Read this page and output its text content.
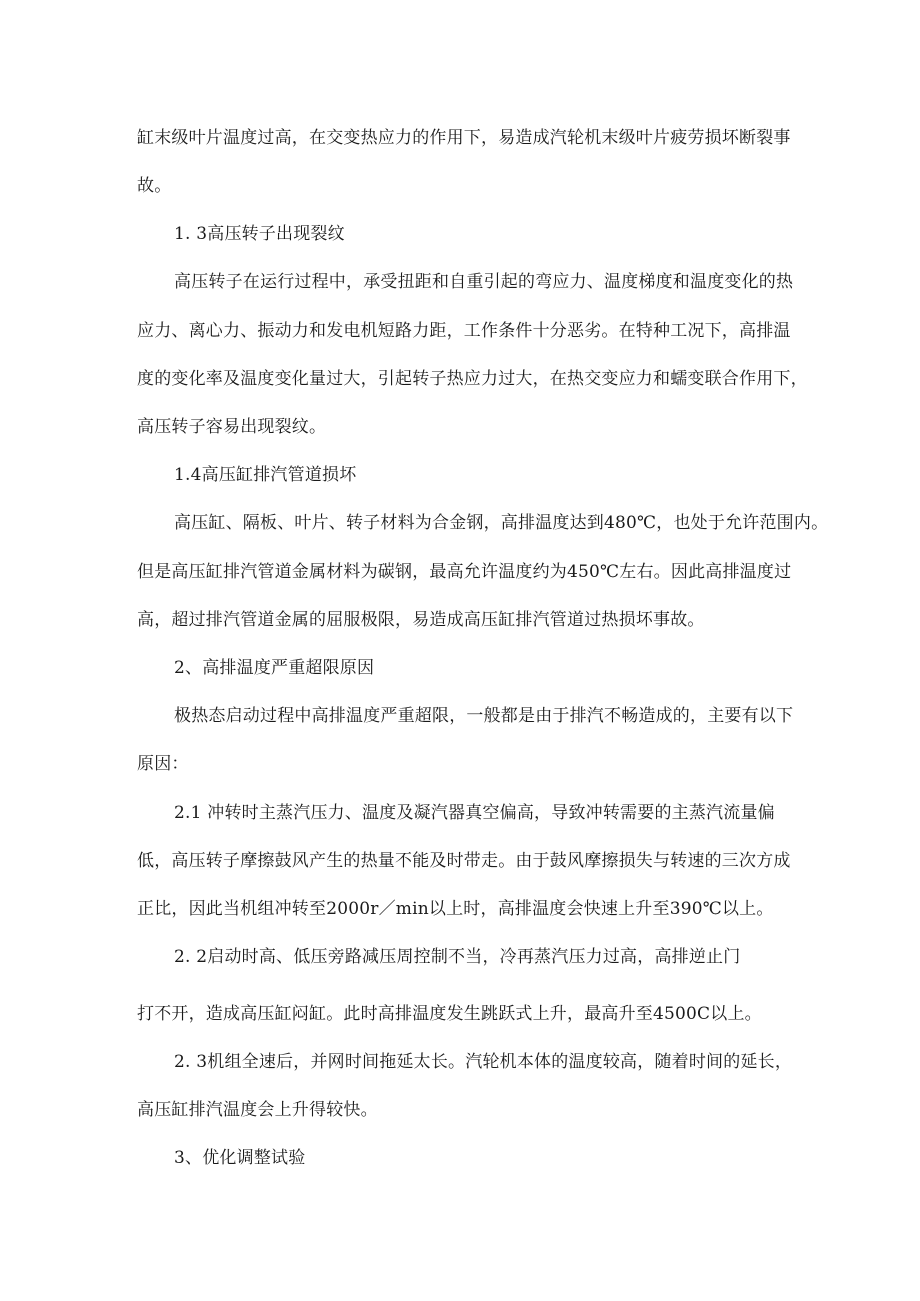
缸末级叶片温度过高，在交变热应力的作用下，易造成汽轮机末级叶片疲劳损坏断裂事
故。
1. 3高压转子出现裂纹
高压转子在运行过程中，承受扭距和自重引起的弯应力、温度梯度和温度变化的热
应力、离心力、振动力和发电机短路力距，工作条件十分恶劣。在特种工况下，高排温
度的变化率及温度变化量过大，引起转子热应力过大，在热交变应力和蠕变联合作用下，
高压转子容易出现裂纹。
1.4高压缸排汽管道损坏
高压缸、隔板、叶片、转子材料为合金钢，高排温度达到480℃，也处于允许范围内。
但是高压缸排汽管道金属材料为碳钢，最高允许温度约为450℃左右。因此高排温度过
高，超过排汽管道金属的屈服极限，易造成高压缸排汽管道过热损坏事故。
2、高排温度严重超限原因
极热态启动过程中高排温度严重超限，一般都是由于排汽不畅造成的，主要有以下
原因：
2.1 冲转时主蒸汽压力、温度及凝汽器真空偏高，导致冲转需要的主蒸汽流量偏
低，高压转子摩擦鼓风产生的热量不能及时带走。由于鼓风摩擦损失与转速的三次方成
正比，因此当机组冲转至2000r／min以上时，高排温度会快速上升至390℃以上。
2. 2启动时高、低压旁路减压周控制不当，冷再蒸汽压力过高，高排逆止门
打不开，造成高压缸闷缸。此时高排温度发生跳跃式上升，最高升至4500C以上。
2. 3机组全速后，并网时间拖延太长。汽轮机本体的温度较高，随着时间的延长，
高压缸排汽温度会上升得较快。
3、优化调整试验
